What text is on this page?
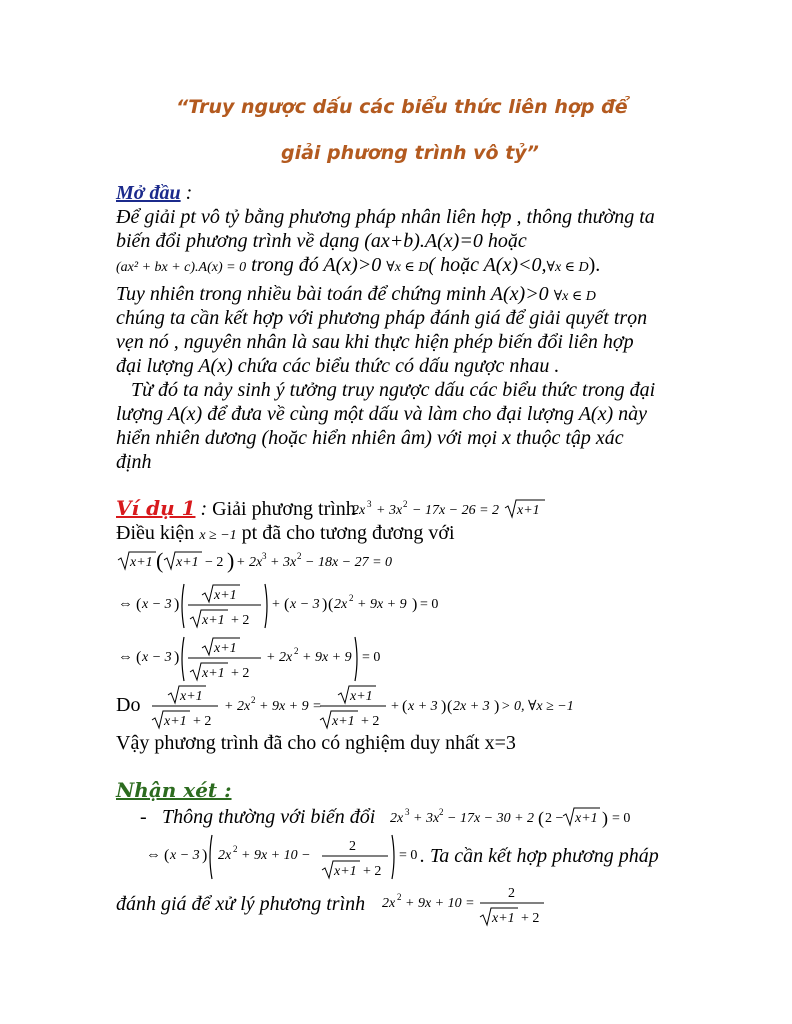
“Truy ngược dấu các biểu thức liên hợp để
giải phương trình vô tỷ”
Mở đầu :
Để giải pt vô tỷ bằng phương pháp nhân liên hợp , thông thường ta
biến đổi phương trình về dạng (ax+b).A(x)=0 hoặc
(ax² + bx + c).A(x) = 0 trong đó A(x)>0 ∀x ∈ D( hoặc A(x)<0,∀x ∈ D).
Tuy nhiên trong nhiều bài toán để chứng minh A(x)>0 ∀x ∈ D
chúng ta cần kết hợp với phương pháp đánh giá để giải quyết trọn
vẹn nó , nguyên nhân là sau khi thực hiện phép biến đổi liên hợp
đại lượng A(x) chứa các biểu thức có dấu ngược nhau .
Từ đó ta nảy sinh ý tưởng truy ngược dấu các biểu thức trong đại
lượng A(x) để đưa về cùng một dấu và làm cho đại lượng A(x) này
hiển nhiên dương (hoặc hiển nhiên âm) với mọi x thuộc tập xác
định
Ví dụ 1 : Giải phương trình
2x 3 + 3x 2 − 17x − 26 = 2 x+1
Điều kiện x ≥ −1 pt đã cho tương đương với
x+1 ( x+1 − 2 ) + 2x 3 + 3x 2 − 18x − 27 = 0
⇔ ( x − 3 )
x+1
x+1 + 2
+ ( x − 3 ) ( 2x 2 + 9x + 9 ) = 0
⇔ ( x − 3 )
x+1
x+1 + 2
+ 2x 2 + 9x + 9 = 0
Do	x+1
x+1 + 2
+ 2x 2 + 9x + 9 =
x+1
x+1 + 2
+ ( x + 3 ) ( 2x + 3 ) > 0, ∀x ≥ −1
Vậy phương trình đã cho có nghiệm duy nhất x=3
Nhận xét :
- Thông thường với biến đổi 2x 3 + 3x 2 − 17x − 30 + 2 ( 2 − x+1 ) = 0
⇔ ( x − 3 ) 2x 2 + 9x + 10 −
2
x+1 + 2
= 0 . Ta cần kết hợp phương pháp
đánh giá để xử lý phương trình 2x 2 + 9x + 10 =
2
x+1 + 2
